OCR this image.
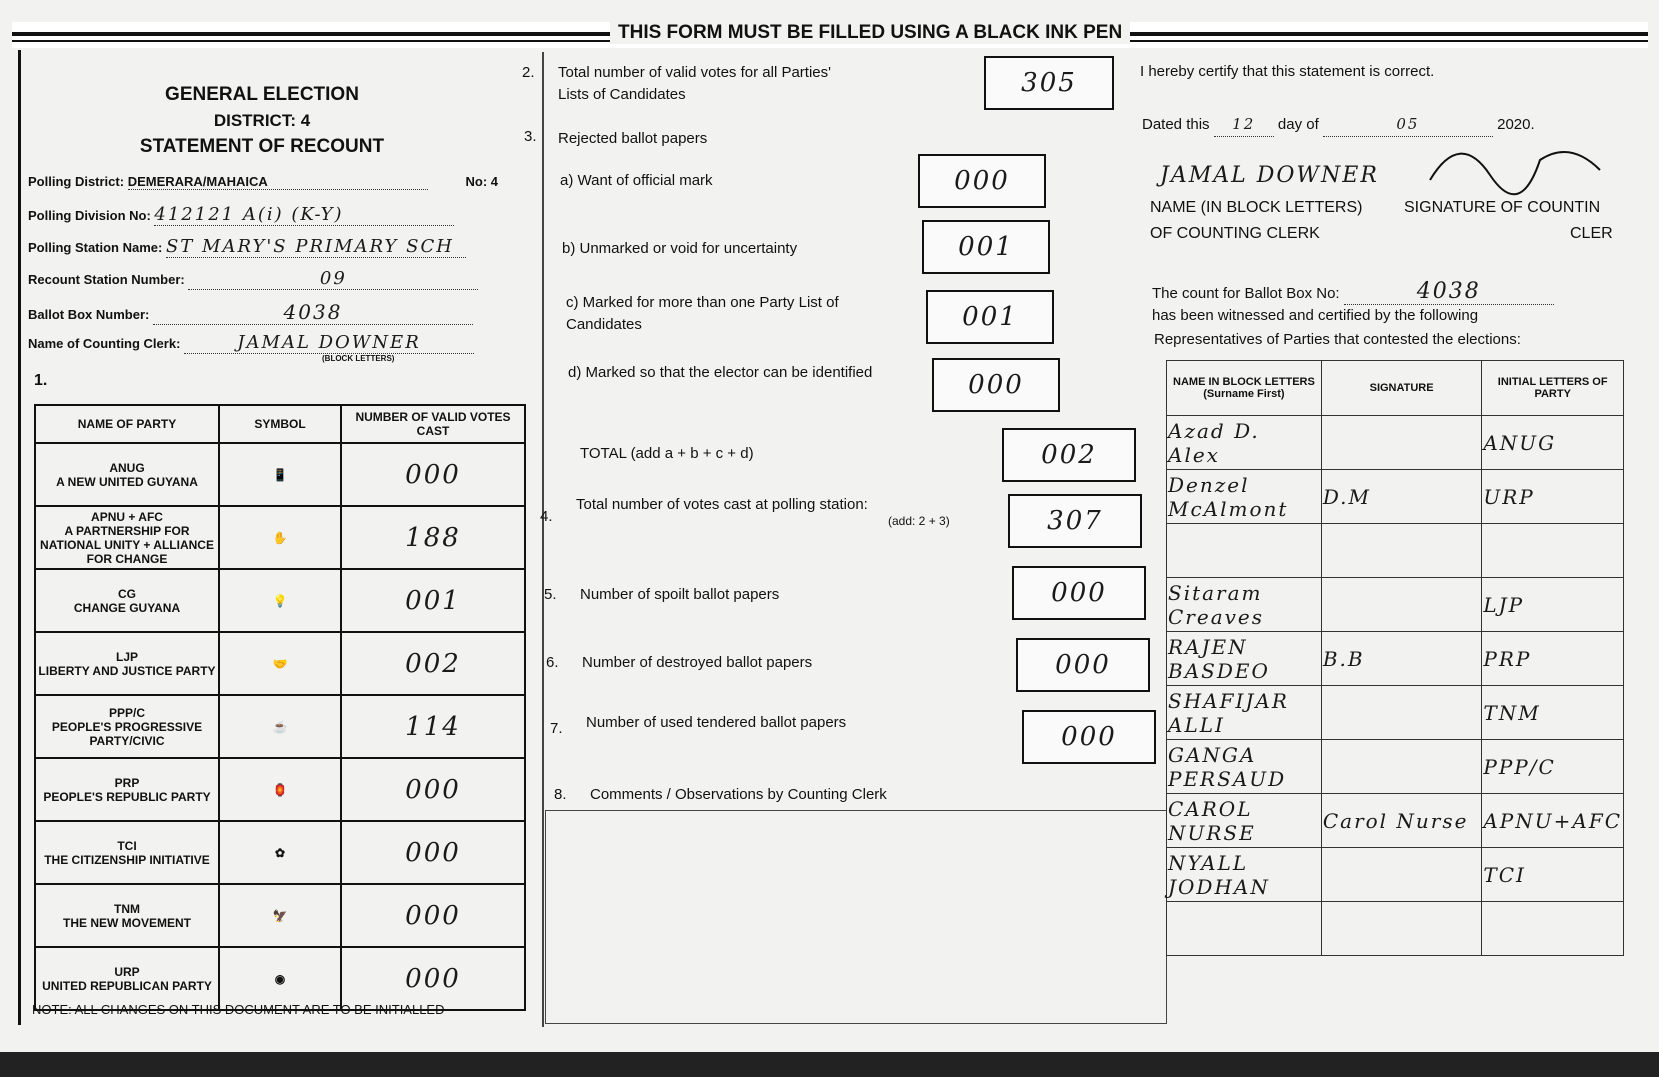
THIS FORM MUST BE FILLED USING A BLACK INK PEN
GENERAL ELECTION
DISTRICT: 4
STATEMENT OF RECOUNT
Polling District: DEMERARA/MAHAICA	No: 4
Polling Division No: 412121 A(i) (K-Y)
Polling Station Name: ST MARY'S PRIMARY SCH
Recount Station Number:	09
Ballot Box Number:	4038
Name of Counting Clerk:	JAMAL DOWNER
(BLOCK LETTERS)
1.
NAME OF PARTY	SYMBOL	NUMBER OF VALID VOTES CAST

ANUG
A NEW UNITED GUYANA	📱	000

APNU + AFC
A PARTNERSHIP FOR NATIONAL UNITY + ALLIANCE FOR CHANGE	✋	188

CG
CHANGE GUYANA	💡	001

LJP
LIBERTY AND JUSTICE PARTY	🤝	002

PPP/C
PEOPLE'S PROGRESSIVE PARTY/CIVIC	☕	114

PRP
PEOPLE'S REPUBLIC PARTY	🏮	000

TCI
THE CITIZENSHIP INITIATIVE	✿	000

TNM
THE NEW MOVEMENT	🦅	000

URP
UNITED REPUBLICAN PARTY	◉	000
NOTE: ALL CHANGES ON THIS DOCUMENT ARE TO BE INITIALLED
2. Total number of valid votes for all Parties' Lists of Candidates	305
3. Rejected ballot papers
a) Want of official mark	000
b) Unmarked or void for uncertainty	001
c) Marked for more than one Party List of Candidates	001
d) Marked so that the elector can be identified	000
TOTAL (add a + b + c + d)	002
4.
Total number of votes cast at polling station:
(add: 2 + 3)	307
5. Number of spoilt ballot papers	000
6. Number of destroyed ballot papers	000
7. Number of used tendered ballot papers	000
8. Comments / Observations by Counting Clerk
I hereby certify that this statement is correct.
Dated this 12 day of	05	2020.
JAMAL DOWNER
NAME (IN BLOCK LETTERS)
OF COUNTING CLERK
SIGNATURE OF COUNTIN
CLER
The count for Ballot Box No:	4038
has been witnessed and certified by the following
Representatives of Parties that contested the elections:
NAME IN BLOCK LETTERS (Surname First)	SIGNATURE	INITIAL LETTERS OF PARTY
Azad D. Alex		ANUG
Denzel McAlmont	D.M	URP

Sitaram Creaves		LJP
RAJEN BASDEO	B.B	PRP
SHAFIJAR ALLI		TNM
GANGA PERSAUD		PPP/C
CAROL NURSE	Carol Nurse	APNU+AFC
NYALL JODHAN		TCI
